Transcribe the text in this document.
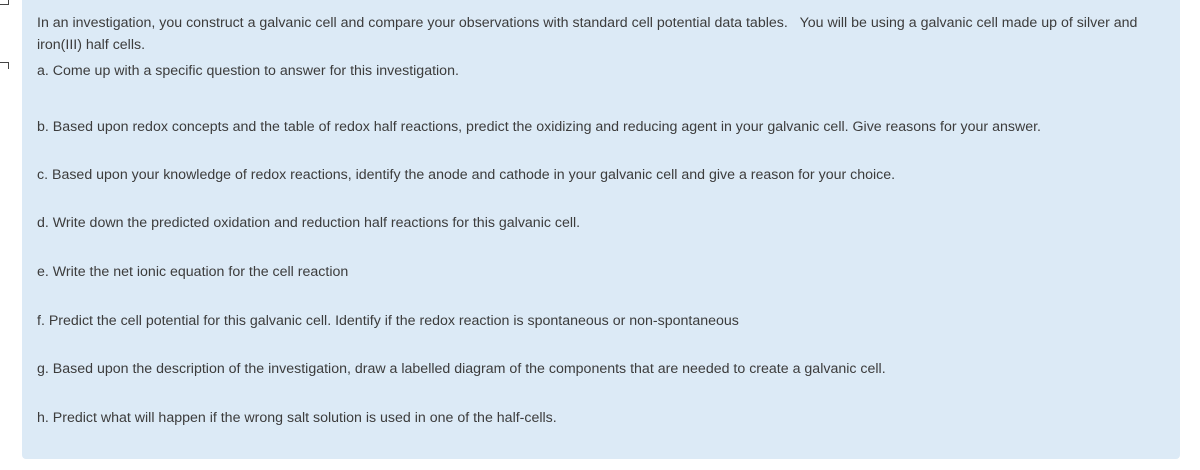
In an investigation, you construct a galvanic cell and compare your observations with standard cell potential data tables. You will be using a galvanic cell made up of silver and iron(III) half cells.

a. Come up with a specific question to answer for this investigation.

b. Based upon redox concepts and the table of redox half reactions, predict the oxidizing and reducing agent in your galvanic cell. Give reasons for your answer.

c. Based upon your knowledge of redox reactions, identify the anode and cathode in your galvanic cell and give a reason for your choice.

d. Write down the predicted oxidation and reduction half reactions for this galvanic cell.

e. Write the net ionic equation for the cell reaction

f. Predict the cell potential for this galvanic cell. Identify if the redox reaction is spontaneous or non-spontaneous

g. Based upon the description of the investigation, draw a labelled diagram of the components that are needed to create a galvanic cell.

h. Predict what will happen if the wrong salt solution is used in one of the half-cells.
